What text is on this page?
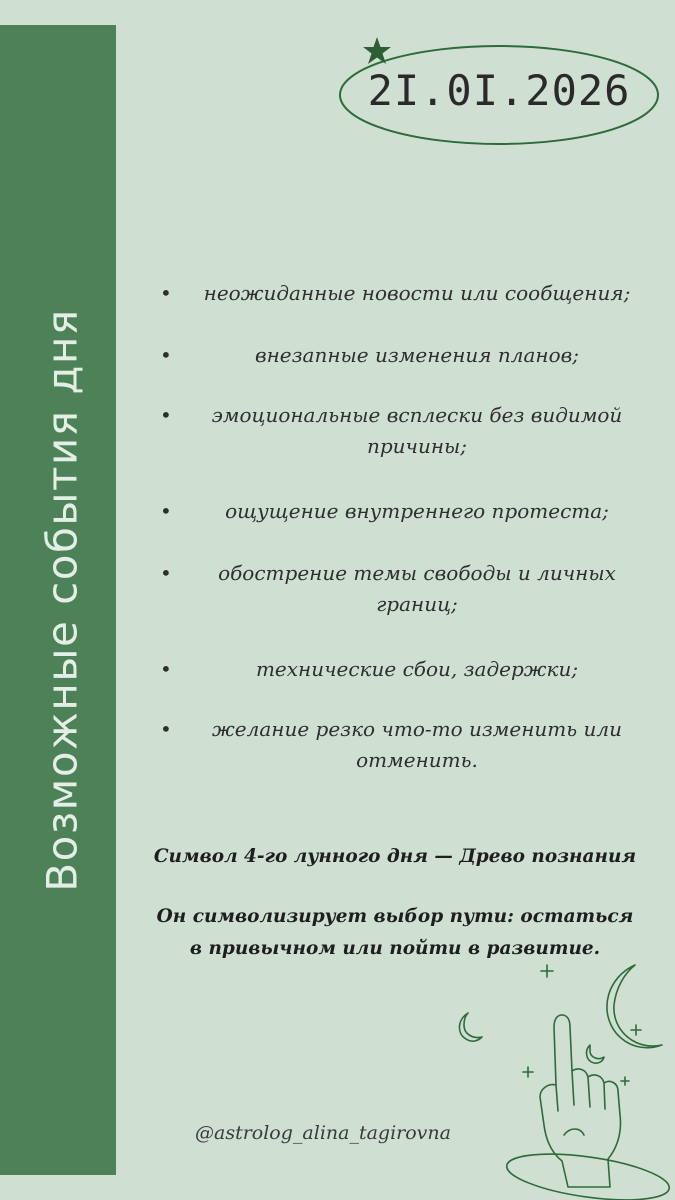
Возможные события дня
2I.0I.2026
•	неожиданные новости или сообщения;
•	внезапные изменения планов;
•	эмоциональные всплески без видимой причины;
•	ощущение внутреннего протеста;
•	обострение темы свободы и личных границ;
•	технические сбои, задержки;
•	желание резко что-то изменить или отменить.
Символ 4-го лунного дня — Древо познания
Он символизирует выбор пути: остаться
в привычном или пойти в развитие.
@astrolog_alina_tagirovna
